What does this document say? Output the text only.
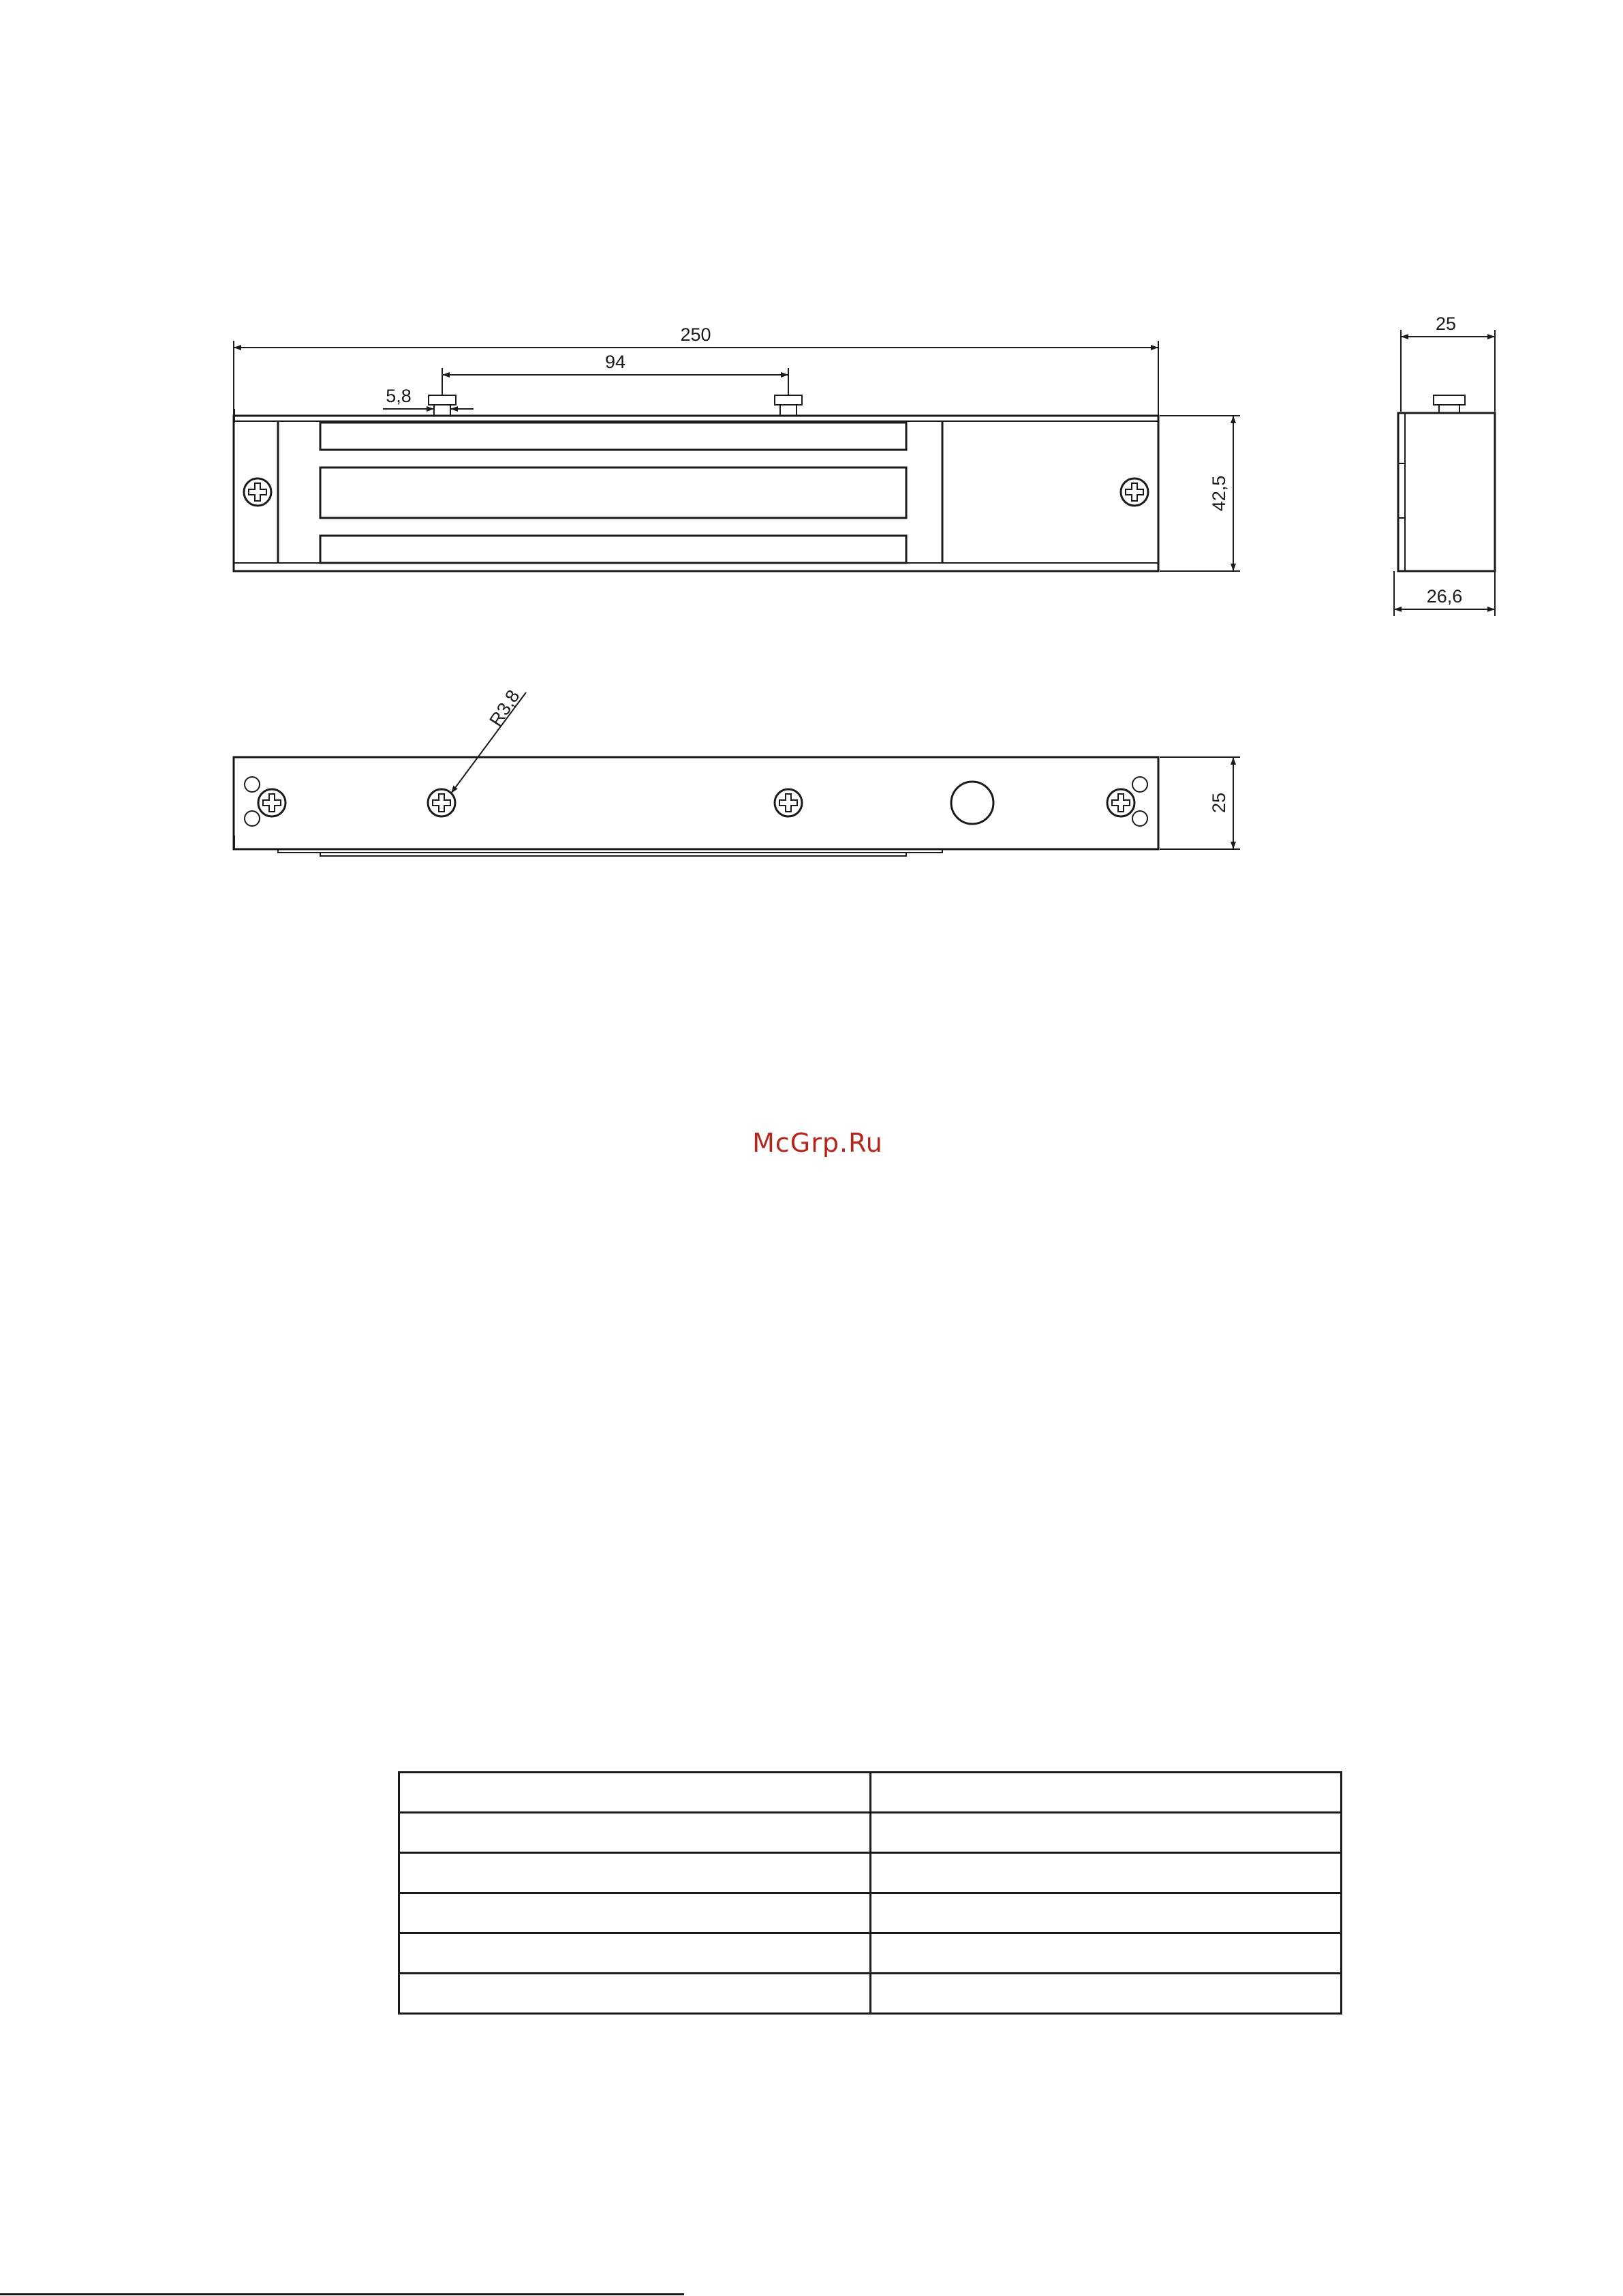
250
94
5,8
42,5
25
26,6
R3,8
25
McGrp.Ru
